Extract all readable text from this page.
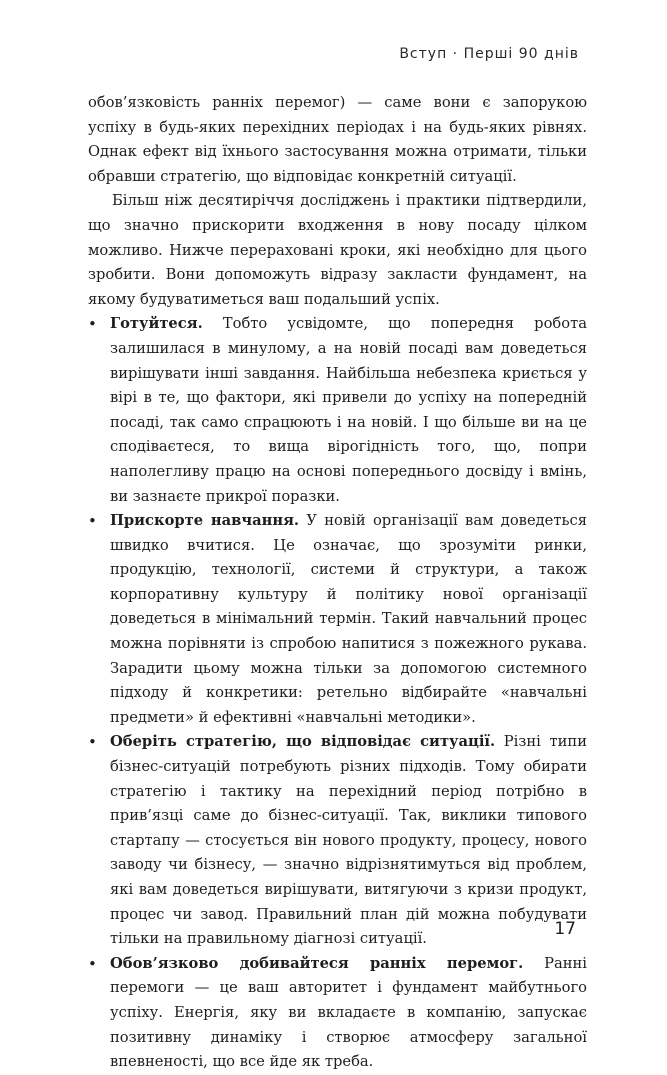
Вступ · Перші 90 днів

обов’язковість ранніх перемог) — саме вони є запорукою успіху в будь-яких перехідних періодах і на будь-яких рівнях. Однак ефект від їхнього застосування можна отримати, тільки обравши стратегію, що відповідає конкретній ситуації.

Більш ніж десятиріччя досліджень і практики підтвердили, що значно прискорити входження в нову посаду цілком можливо. Нижче перераховані кроки, які необхідно для цього зробити. Вони допоможуть відразу закласти фундамент, на якому будуватиметься ваш подальший успіх.

• Готуйтеся. Тобто усвідомте, що попередня робота залишилася в минулому, а на новій посаді вам доведеться вирішувати інші завдання. Найбільша небезпека криється у вірі в те, що фактори, які привели до успіху на попередній посаді, так само спрацюють і на новій. І що більше ви на це сподіваєтеся, то вища вірогідність того, що, попри наполегливу працю на основі попереднього досвіду і вмінь, ви зазнаєте прикрої поразки.
• Прискорте навчання. У новій організації вам доведеться швидко вчитися. Це означає, що зрозуміти ринки, продукцію, технології, системи й структури, а також корпоративну культуру й політику нової організації доведеться в мінімальний термін. Такий навчальний процес можна порівняти із спробою напитися з пожежного рукава. Зарадити цьому можна тільки за допомогою системного підходу й конкретики: ретельно відбирайте «навчальні предмети» й ефективні «навчальні методики».
• Оберіть стратегію, що відповідає ситуації. Різні типи бізнес-ситуацій потребують різних підходів. Тому обирати стратегію і тактику на перехідний період потрібно в прив’язці саме до бізнес-ситуації. Так, виклики типового стартапу — стосується він нового продукту, процесу, нового заводу чи бізнесу, — значно відрізнятимуться від проблем, які вам доведеться вирішувати, витягуючи з кризи продукт, процес чи завод. Правильний план дій можна побудувати тільки на правильному діагнозі ситуації.
• Обов’язково добивайтеся ранніх перемог. Ранні перемоги — це ваш авторитет і фундамент майбутнього успіху. Енергія, яку ви вкладаєте в компанію, запускає позитивну динаміку і створює атмосферу загальної впевненості, що все йде як треба.
17
